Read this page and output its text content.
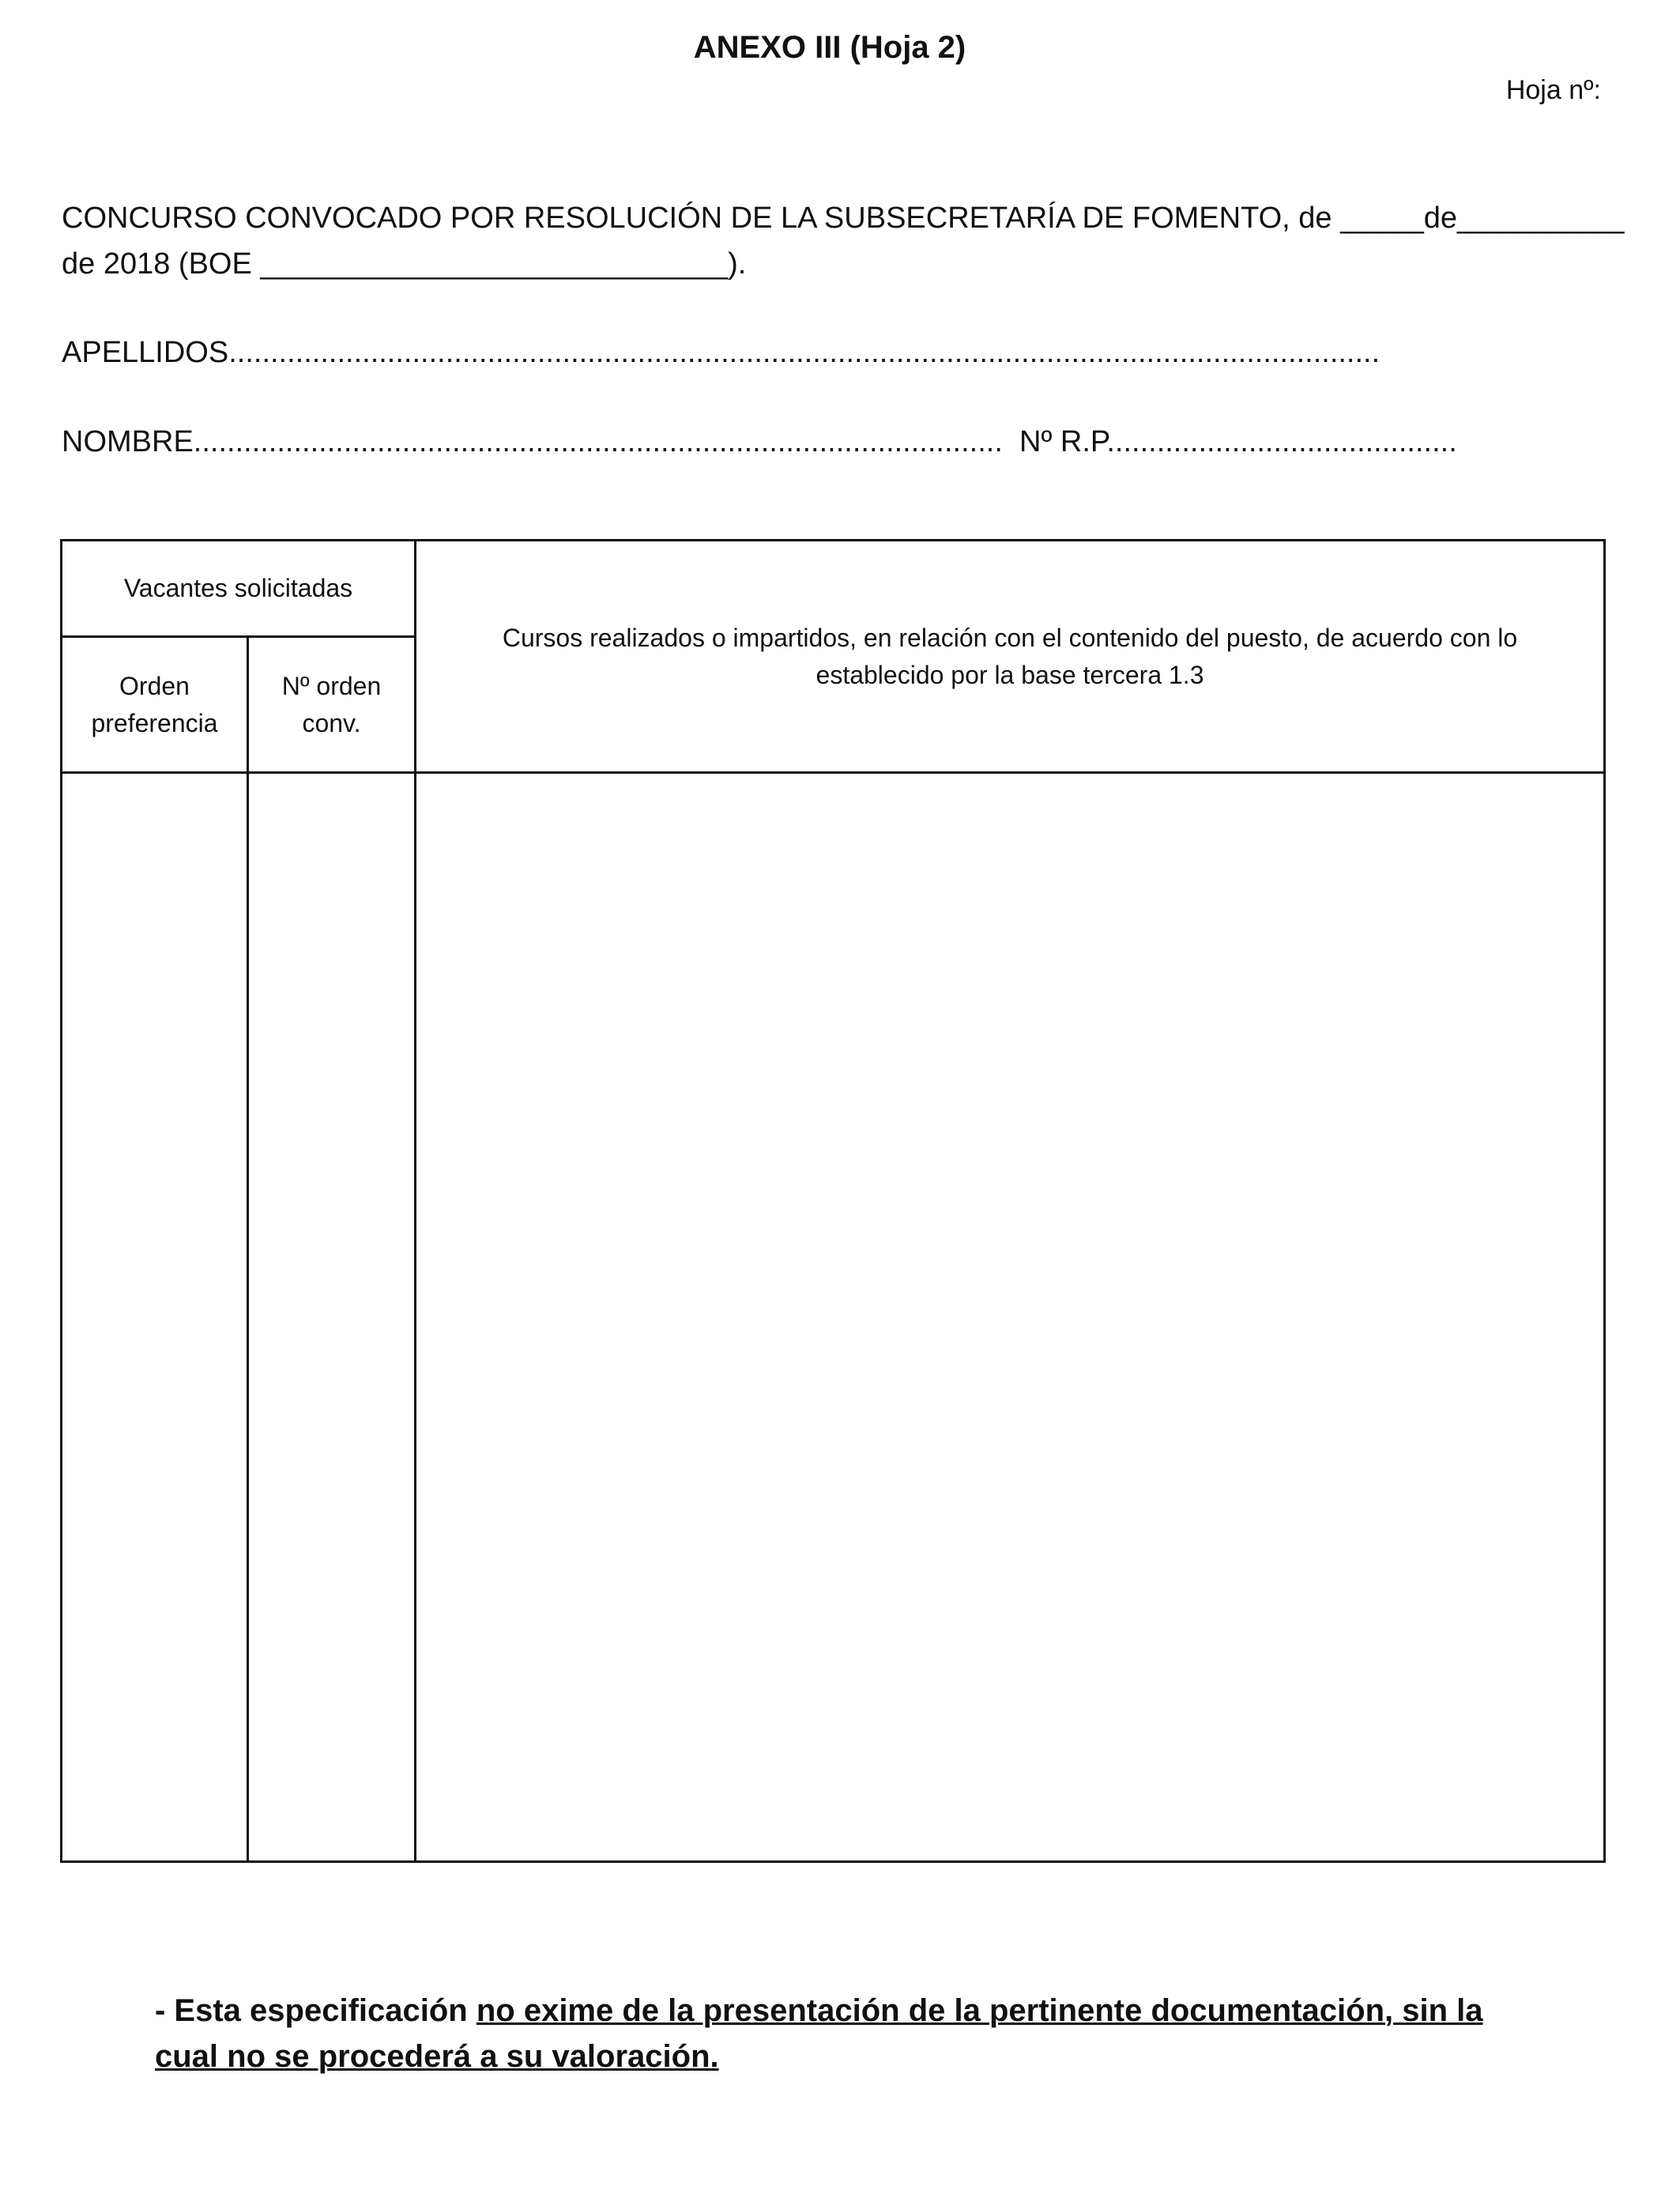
ANEXO III (Hoja 2)
Hoja nº:
CONCURSO CONVOCADO POR RESOLUCIÓN DE LA SUBSECRETARÍA DE FOMENTO, de _____de__________
de 2018 (BOE ____________________________).
APELLIDOS..........................................................................................................................................
NOMBRE................................................................................................. Nº R.P..........................................
Vacantes solicitadas		Cursos realizados o impartidos, en relación con el contenido del puesto, de acuerdo con lo establecido por la base tercera 1.3
Orden preferencia	Nº orden conv.	

- Esta especificación no exime de la presentación de la pertinente documentación, sin la cual no se procederá a su valoración.
